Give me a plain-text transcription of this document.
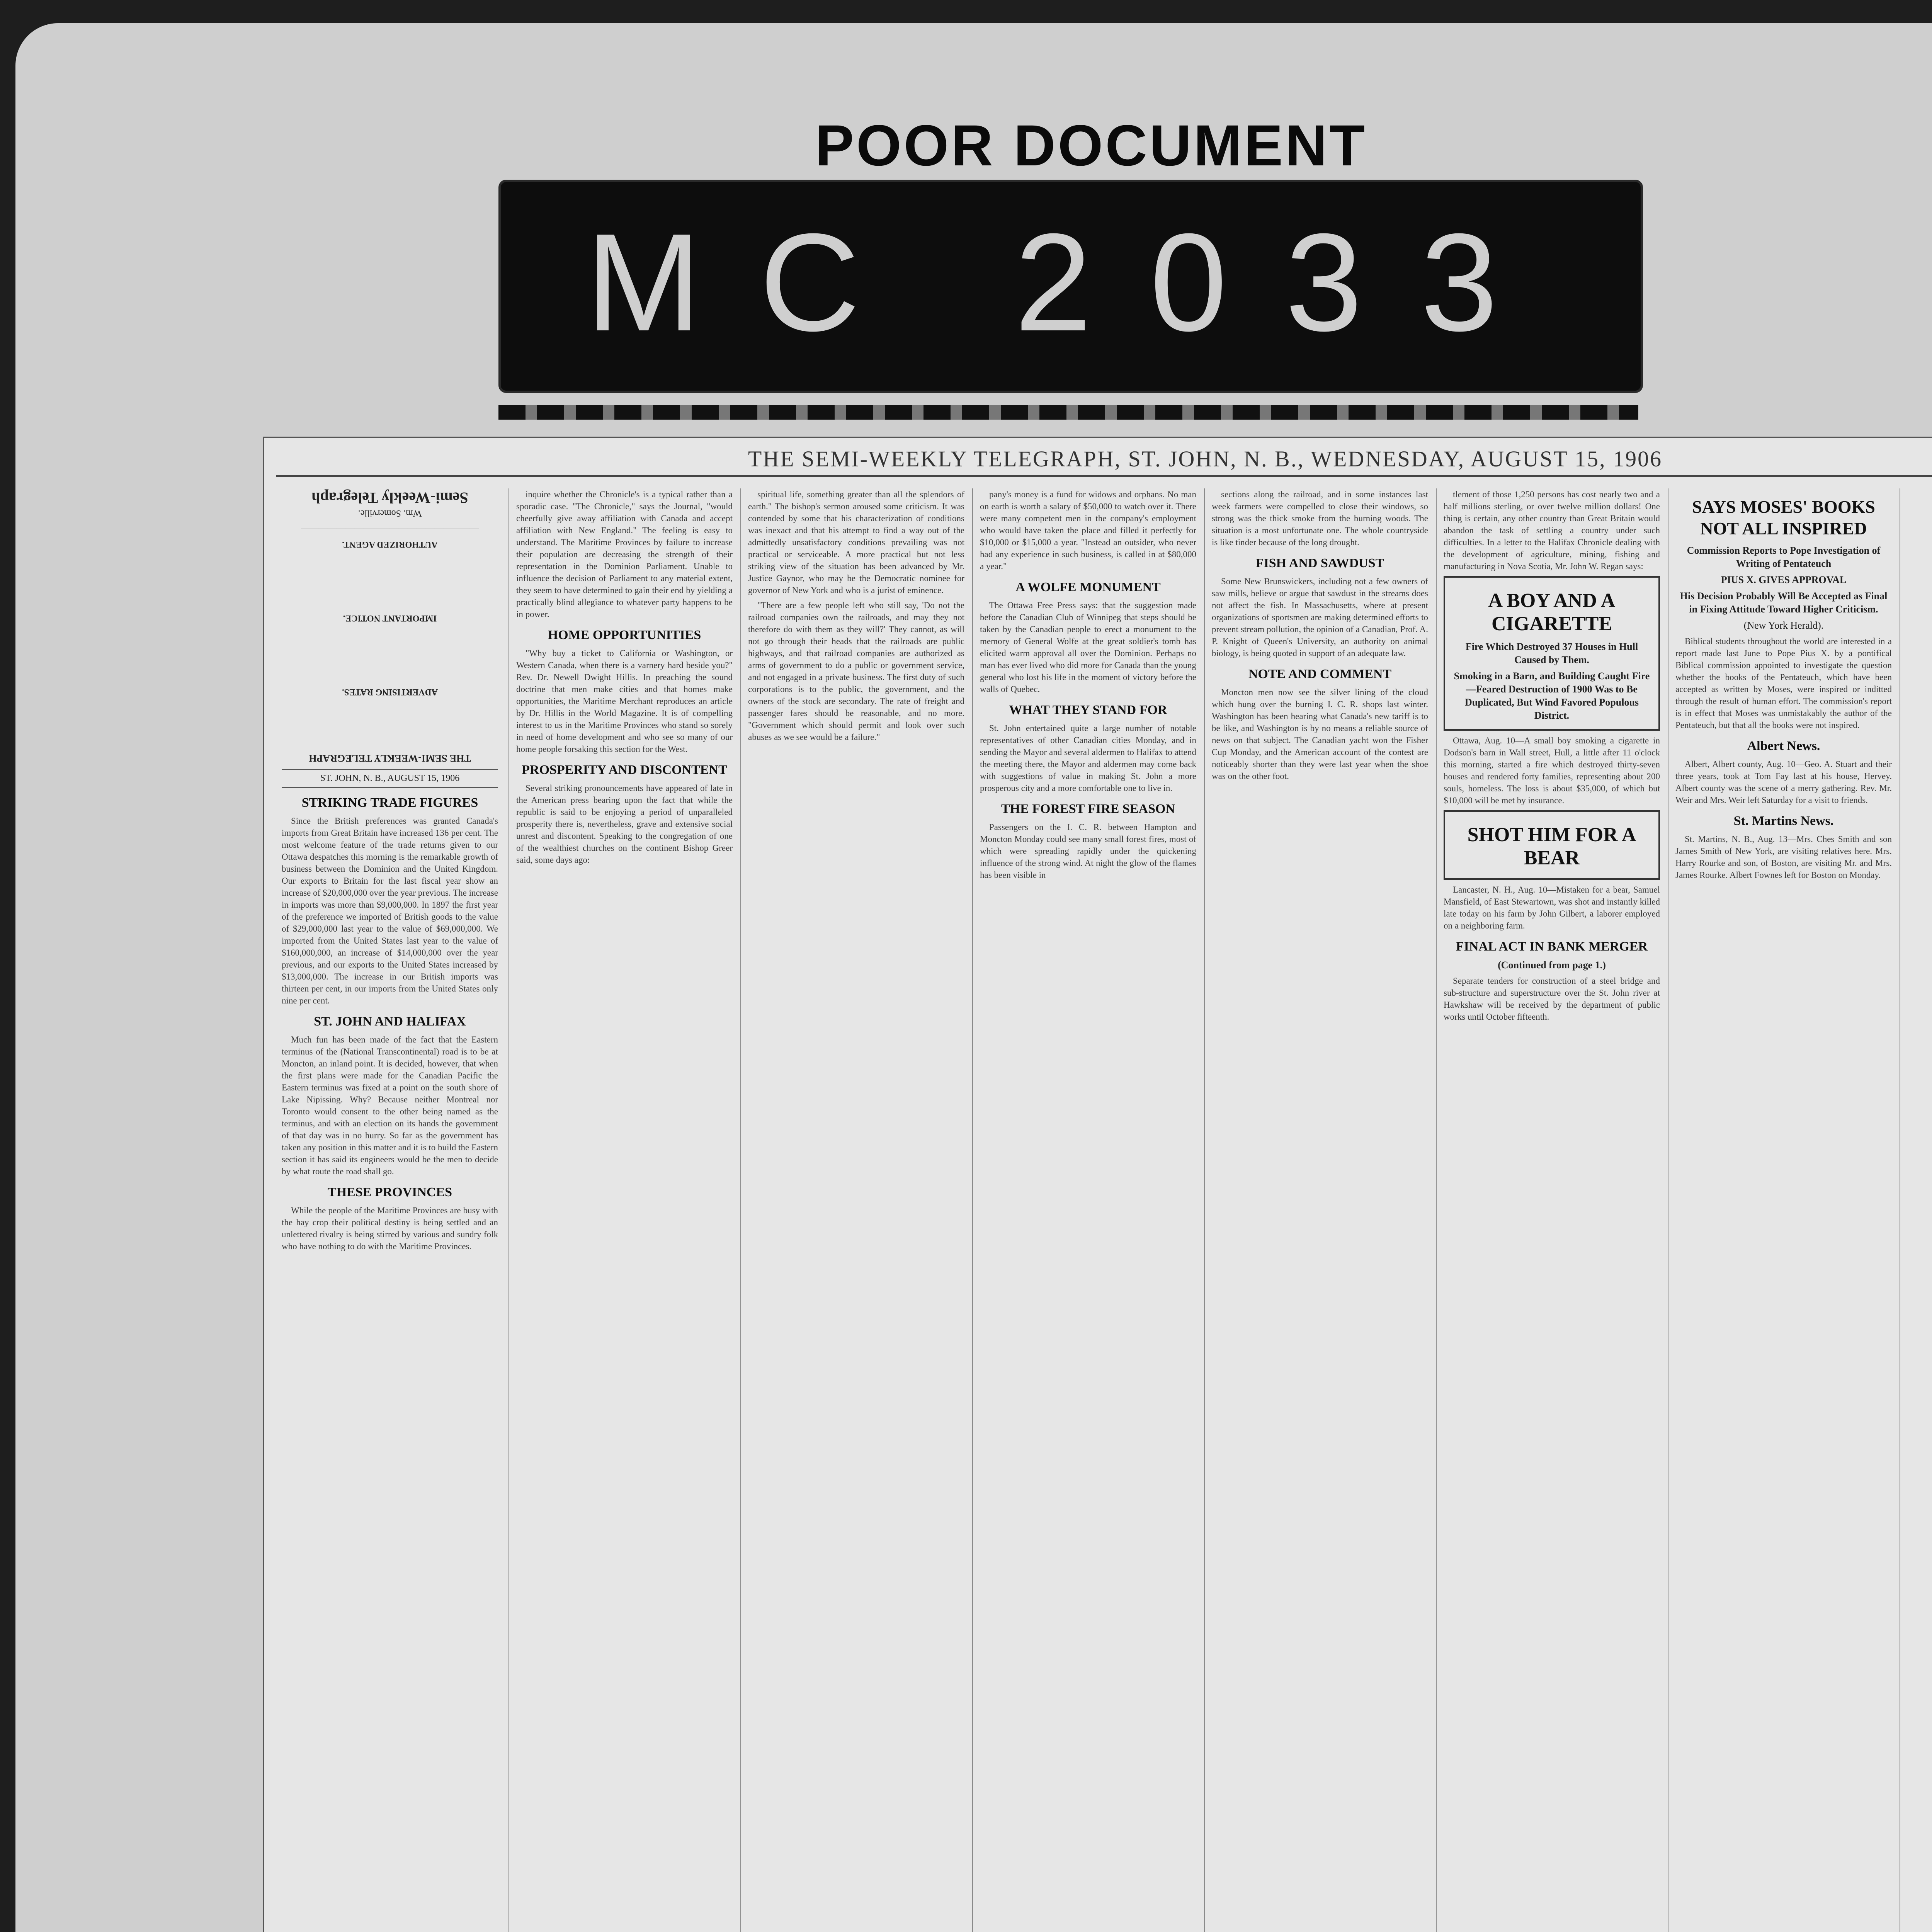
POOR DOCUMENT
MC 2033
THE SEMI-WEEKLY TELEGRAPH, ST. JOHN, N. B., WEDNESDAY, AUGUST 15, 1906
Semi-Weekly Telegraph
Wm. Somerville.
————————————————————
AUTHORIZED AGENT.
IMPORTANT NOTICE.
ADVERTISING RATES.
THE SEMI-WEEKLY TELEGRAPH
ST. JOHN, N. B., AUGUST 15, 1906
STRIKING TRADE FIGURES
Since the British preferences was granted Canada's imports from Great Britain have increased 136 per cent. The most welcome feature of the trade returns given to our Ottawa despatches this morning is the remarkable growth of business between the Dominion and the United Kingdom. Our exports to Britain for the last fiscal year show an increase of $20,000,000 over the year previous. The increase in imports was more than $9,000,000. In 1897 the first year of the preference we imported of British goods to the value of $29,000,000 last year to the value of $69,000,000. We imported from the United States last year to the value of $160,000,000, an increase of $14,000,000 over the year previous, and our exports to the United States increased by $13,000,000. The increase in our British imports was thirteen per cent, in our imports from the United States only nine per cent.
ST. JOHN AND HALIFAX
Much fun has been made of the fact that the Eastern terminus of the (National Transcontinental) road is to be at Moncton, an inland point. It is decided, however, that when the first plans were made for the Canadian Pacific the Eastern terminus was fixed at a point on the south shore of Lake Nipissing. Why? Because neither Montreal nor Toronto would consent to the other being named as the terminus, and with an election on its hands the government of that day was in no hurry. So far as the government has taken any position in this matter and it is to build the Eastern section it has said its engineers would be the men to decide by what route the road shall go.
THESE PROVINCES
While the people of the Maritime Provinces are busy with the hay crop their political destiny is being settled and an unlettered rivalry is being stirred by various and sundry folk who have nothing to do with the Maritime Provinces.
inquire whether the Chronicle's is a typical rather than a sporadic case. "The Chronicle," says the Journal, "would cheerfully give away affiliation with Canada and accept affiliation with New England." The feeling is easy to understand. The Maritime Provinces by failure to increase their population are decreasing the strength of their representation in the Dominion Parliament. Unable to influence the decision of Parliament to any material extent, they seem to have determined to gain their end by yielding a practically blind allegiance to whatever party happens to be in power.
HOME OPPORTUNITIES
"Why buy a ticket to California or Washington, or Western Canada, when there is a varnery hard beside you?" Rev. Dr. Newell Dwight Hillis. In preaching the sound doctrine that men make cities and that homes make opportunities, the Maritime Merchant reproduces an article by Dr. Hillis in the World Magazine. It is of compelling interest to us in the Maritime Provinces who stand so sorely in need of home development and who see so many of our home people forsaking this section for the West.
PROSPERITY AND DISCONTENT
Several striking pronouncements have appeared of late in the American press bearing upon the fact that while the republic is said to be enjoying a period of unparalleled prosperity there is, nevertheless, grave and extensive social unrest and discontent. Speaking to the congregation of one of the wealthiest churches on the continent Bishop Greer said, some days ago:
spiritual life, something greater than all the splendors of earth." The bishop's sermon aroused some criticism. It was contended by some that his characterization of conditions was inexact and that his attempt to find a way out of the admittedly unsatisfactory conditions prevailing was not practical or serviceable. A more practical but not less striking view of the situation has been advanced by Mr. Justice Gaynor, who may be the Democratic nominee for governor of New York and who is a jurist of eminence.
"There are a few people left who still say, 'Do not the railroad companies own the railroads, and may they not therefore do with them as they will?' They cannot, as will not go through their heads that the railroads are public highways, and that railroad companies are authorized as arms of government to do a public or government service, and not engaged in a private business. The first duty of such corporations is to the public, the government, and the owners of the stock are secondary. The rate of freight and passenger fares should be reasonable, and no more. "Government which should permit and look over such abuses as we see would be a failure."
pany's money is a fund for widows and orphans. No man on earth is worth a salary of $50,000 to watch over it. There were many competent men in the company's employment who would have taken the place and filled it perfectly for $10,000 or $15,000 a year. "Instead an outsider, who never had any experience in such business, is called in at $80,000 a year."
A WOLFE MONUMENT
The Ottawa Free Press says: that the suggestion made before the Canadian Club of Winnipeg that steps should be taken by the Canadian people to erect a monument to the memory of General Wolfe at the great soldier's tomb has elicited warm approval all over the Dominion. Perhaps no man has ever lived who did more for Canada than the young general who lost his life in the moment of victory before the walls of Quebec.
WHAT THEY STAND FOR
St. John entertained quite a large number of notable representatives of other Canadian cities Monday, and in sending the Mayor and several aldermen to Halifax to attend the meeting there, the Mayor and aldermen may come back with suggestions of value in making St. John a more prosperous city and a more comfortable one to live in.
THE FOREST FIRE SEASON
Passengers on the I. C. R. between Hampton and Moncton Monday could see many small forest fires, most of which were spreading rapidly under the quickening influence of the strong wind. At night the glow of the flames has been visible in
sections along the railroad, and in some instances last week farmers were compelled to close their windows, so strong was the thick smoke from the burning woods. The situation is a most unfortunate one. The whole countryside is like tinder because of the long drought.
FISH AND SAWDUST
Some New Brunswickers, including not a few owners of saw mills, believe or argue that sawdust in the streams does not affect the fish. In Massachusetts, where at present organizations of sportsmen are making determined efforts to prevent stream pollution, the opinion of a Canadian, Prof. A. P. Knight of Queen's University, an authority on animal biology, is being quoted in support of an adequate law.
NOTE AND COMMENT
Moncton men now see the silver lining of the cloud which hung over the burning I. C. R. shops last winter. Washington has been hearing what Canada's new tariff is to be like, and Washington is by no means a reliable source of news on that subject. The Canadian yacht won the Fisher Cup Monday, and the American account of the contest are noticeably shorter than they were last year when the shoe was on the other foot.
tlement of those 1,250 persons has cost nearly two and a half millions sterling, or over twelve million dollars! One thing is certain, any other country than Great Britain would abandon the task of settling a country under such difficulties. In a letter to the Halifax Chronicle dealing with the development of agriculture, mining, fishing and manufacturing in Nova Scotia, Mr. John W. Regan says:
A BOY AND A CIGARETTE
Fire Which Destroyed 37 Houses in Hull Caused by Them.
Smoking in a Barn, and Building Caught Fire—Feared Destruction of 1900 Was to Be Duplicated, But Wind Favored Populous District.
Ottawa, Aug. 10—A small boy smoking a cigarette in Dodson's barn in Wall street, Hull, a little after 11 o'clock this morning, started a fire which destroyed thirty-seven houses and rendered forty families, representing about 200 souls, homeless. The loss is about $35,000, of which but $10,000 will be met by insurance.
SHOT HIM FOR A BEAR
Lancaster, N. H., Aug. 10—Mistaken for a bear, Samuel Mansfield, of East Stewartown, was shot and instantly killed late today on his farm by John Gilbert, a laborer employed on a neighboring farm.
FINAL ACT IN BANK MERGER
(Continued from page 1.)
Separate tenders for construction of a steel bridge and sub-structure and superstructure over the St. John river at Hawkshaw will be received by the department of public works until October fifteenth.
SAYS MOSES' BOOKS NOT ALL INSPIRED
Commission Reports to Pope Investigation of Writing of Pentateuch
PIUS X. GIVES APPROVAL
His Decision Probably Will Be Accepted as Final in Fixing Attitude Toward Higher Criticism.
(New York Herald).
Biblical students throughout the world are interested in a report made last June to Pope Pius X. by a pontifical Biblical commission appointed to investigate the question whether the books of the Pentateuch, which have been accepted as written by Moses, were inspired or inditted through the result of human effort. The commission's report is in effect that Moses was unmistakably the author of the Pentateuch, but that all the books were not inspired.
Albert News.
Albert, Albert county, Aug. 10—Geo. A. Stuart and their three years, took at Tom Fay last at his house, Hervey. Albert county was the scene of a merry gathering. Rev. Mr. Weir and Mrs. Weir left Saturday for a visit to friends.
St. Martins News.
St. Martins, N. B., Aug. 13—Mrs. Ches Smith and son James Smith of New York, are visiting relatives here. Mrs. Harry Rourke and son, of Boston, are visiting Mr. and Mrs. James Rourke. Albert Fownes left for Boston on Monday.
